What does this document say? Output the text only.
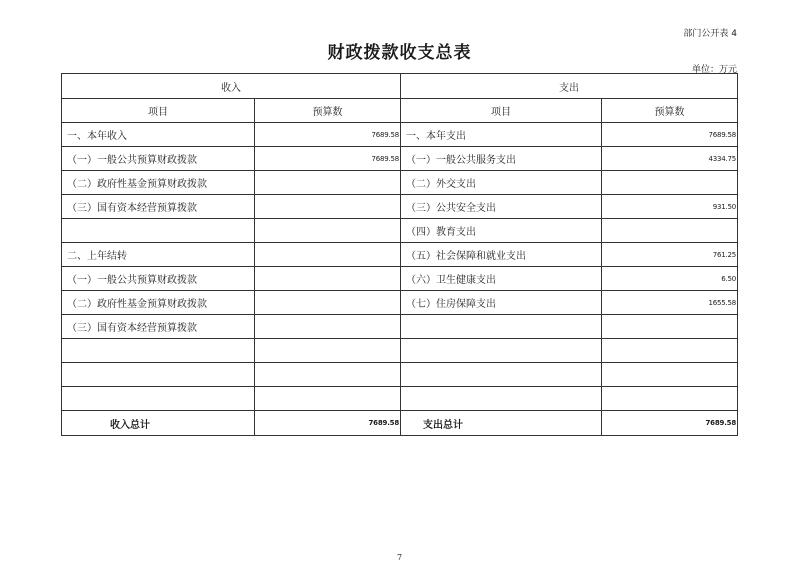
部门公开表 4
财政拨款收支总表
单位：万元
收入		支出	
项目	预算数	项目	预算数
一、本年收入	7689.58	一、本年支出	7689.58
（一）一般公共预算财政拨款	7689.58	（一）一般公共服务支出	4334.75
（二）政府性基金预算财政拨款		（二）外交支出	
（三）国有资本经营预算拨款		（三）公共安全支出	931.50
		（四）教育支出	
二、上年结转		（五）社会保障和就业支出	761.25
（一）一般公共预算财政拨款		（六）卫生健康支出	6.50
（二）政府性基金预算财政拨款		（七）住房保障支出	1655.58
（三）国有资本经营预算拨款			

收入总计	7689.58	支出总计	7689.58
7
